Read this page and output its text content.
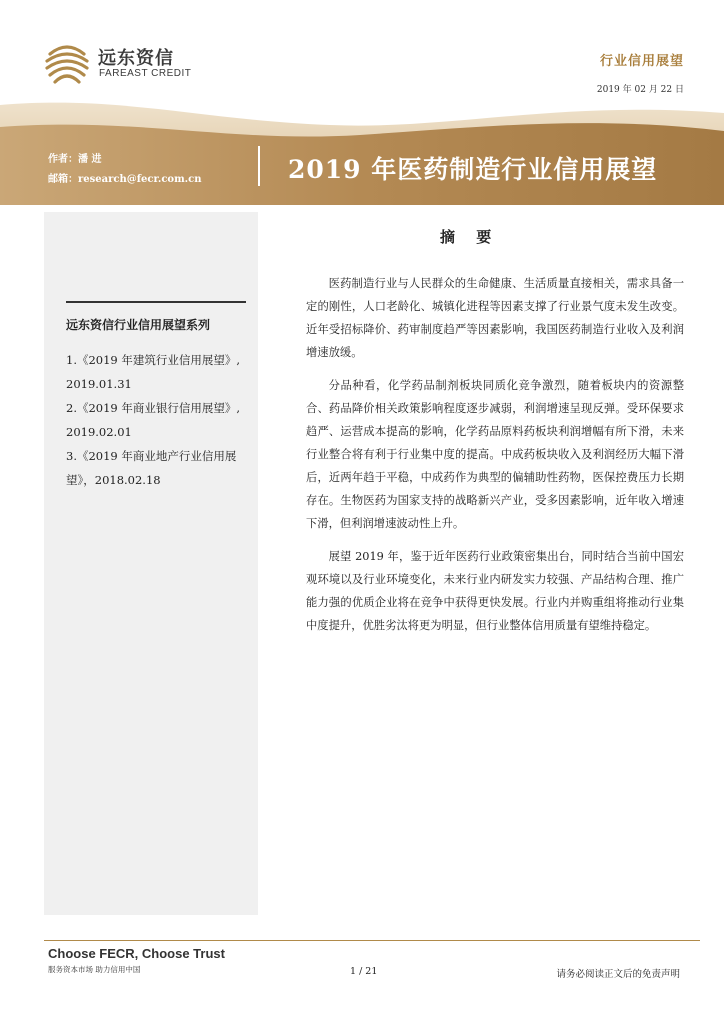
远东资信
FAREAST CREDIT
行业信用展望
2019 年 02 月 22 日
作者：潘 进
邮箱：research@fecr.com.cn	2019 年医药制造行业信用展望
远东资信行业信用展望系列
1.《2019 年建筑行业信用展望》, 2019.01.31
2.《2019 年商业银行信用展望》, 2019.02.01
3.《2019 年商业地产行业信用展望》，2018.02.18
摘 要

医药制造行业与人民群众的生命健康、生活质量直接相关，需求具备一定的刚性，人口老龄化、城镇化进程等因素支撑了行业景气度未发生改变。近年受招标降价、药审制度趋严等因素影响，我国医药制造行业收入及利润增速放缓。

分品种看，化学药品制剂板块同质化竞争激烈，随着板块内的资源整合、药品降价相关政策影响程度逐步减弱，利润增速呈现反弹。受环保要求趋严、运营成本提高的影响，化学药品原料药板块利润增幅有所下滑，未来行业整合将有利于行业集中度的提高。中成药板块收入及利润经历大幅下滑后，近两年趋于平稳，中成药作为典型的偏辅助性药物，医保控费压力长期存在。生物医药为国家支持的战略新兴产业，受多因素影响，近年收入增速下滑，但利润增速波动性上升。

展望 2019 年，鉴于近年医药行业政策密集出台，同时结合当前中国宏观环境以及行业环境变化，未来行业内研发实力较强、产品结构合理、推广能力强的优质企业将在竞争中获得更快发展。行业内并购重组将推动行业集中度提升，优胜劣汰将更为明显，但行业整体信用质量有望维持稳定。

Choose FECR, Choose Trust
服务资本市场 助力信用中国	1 / 21	请务必阅读正文后的免责声明
